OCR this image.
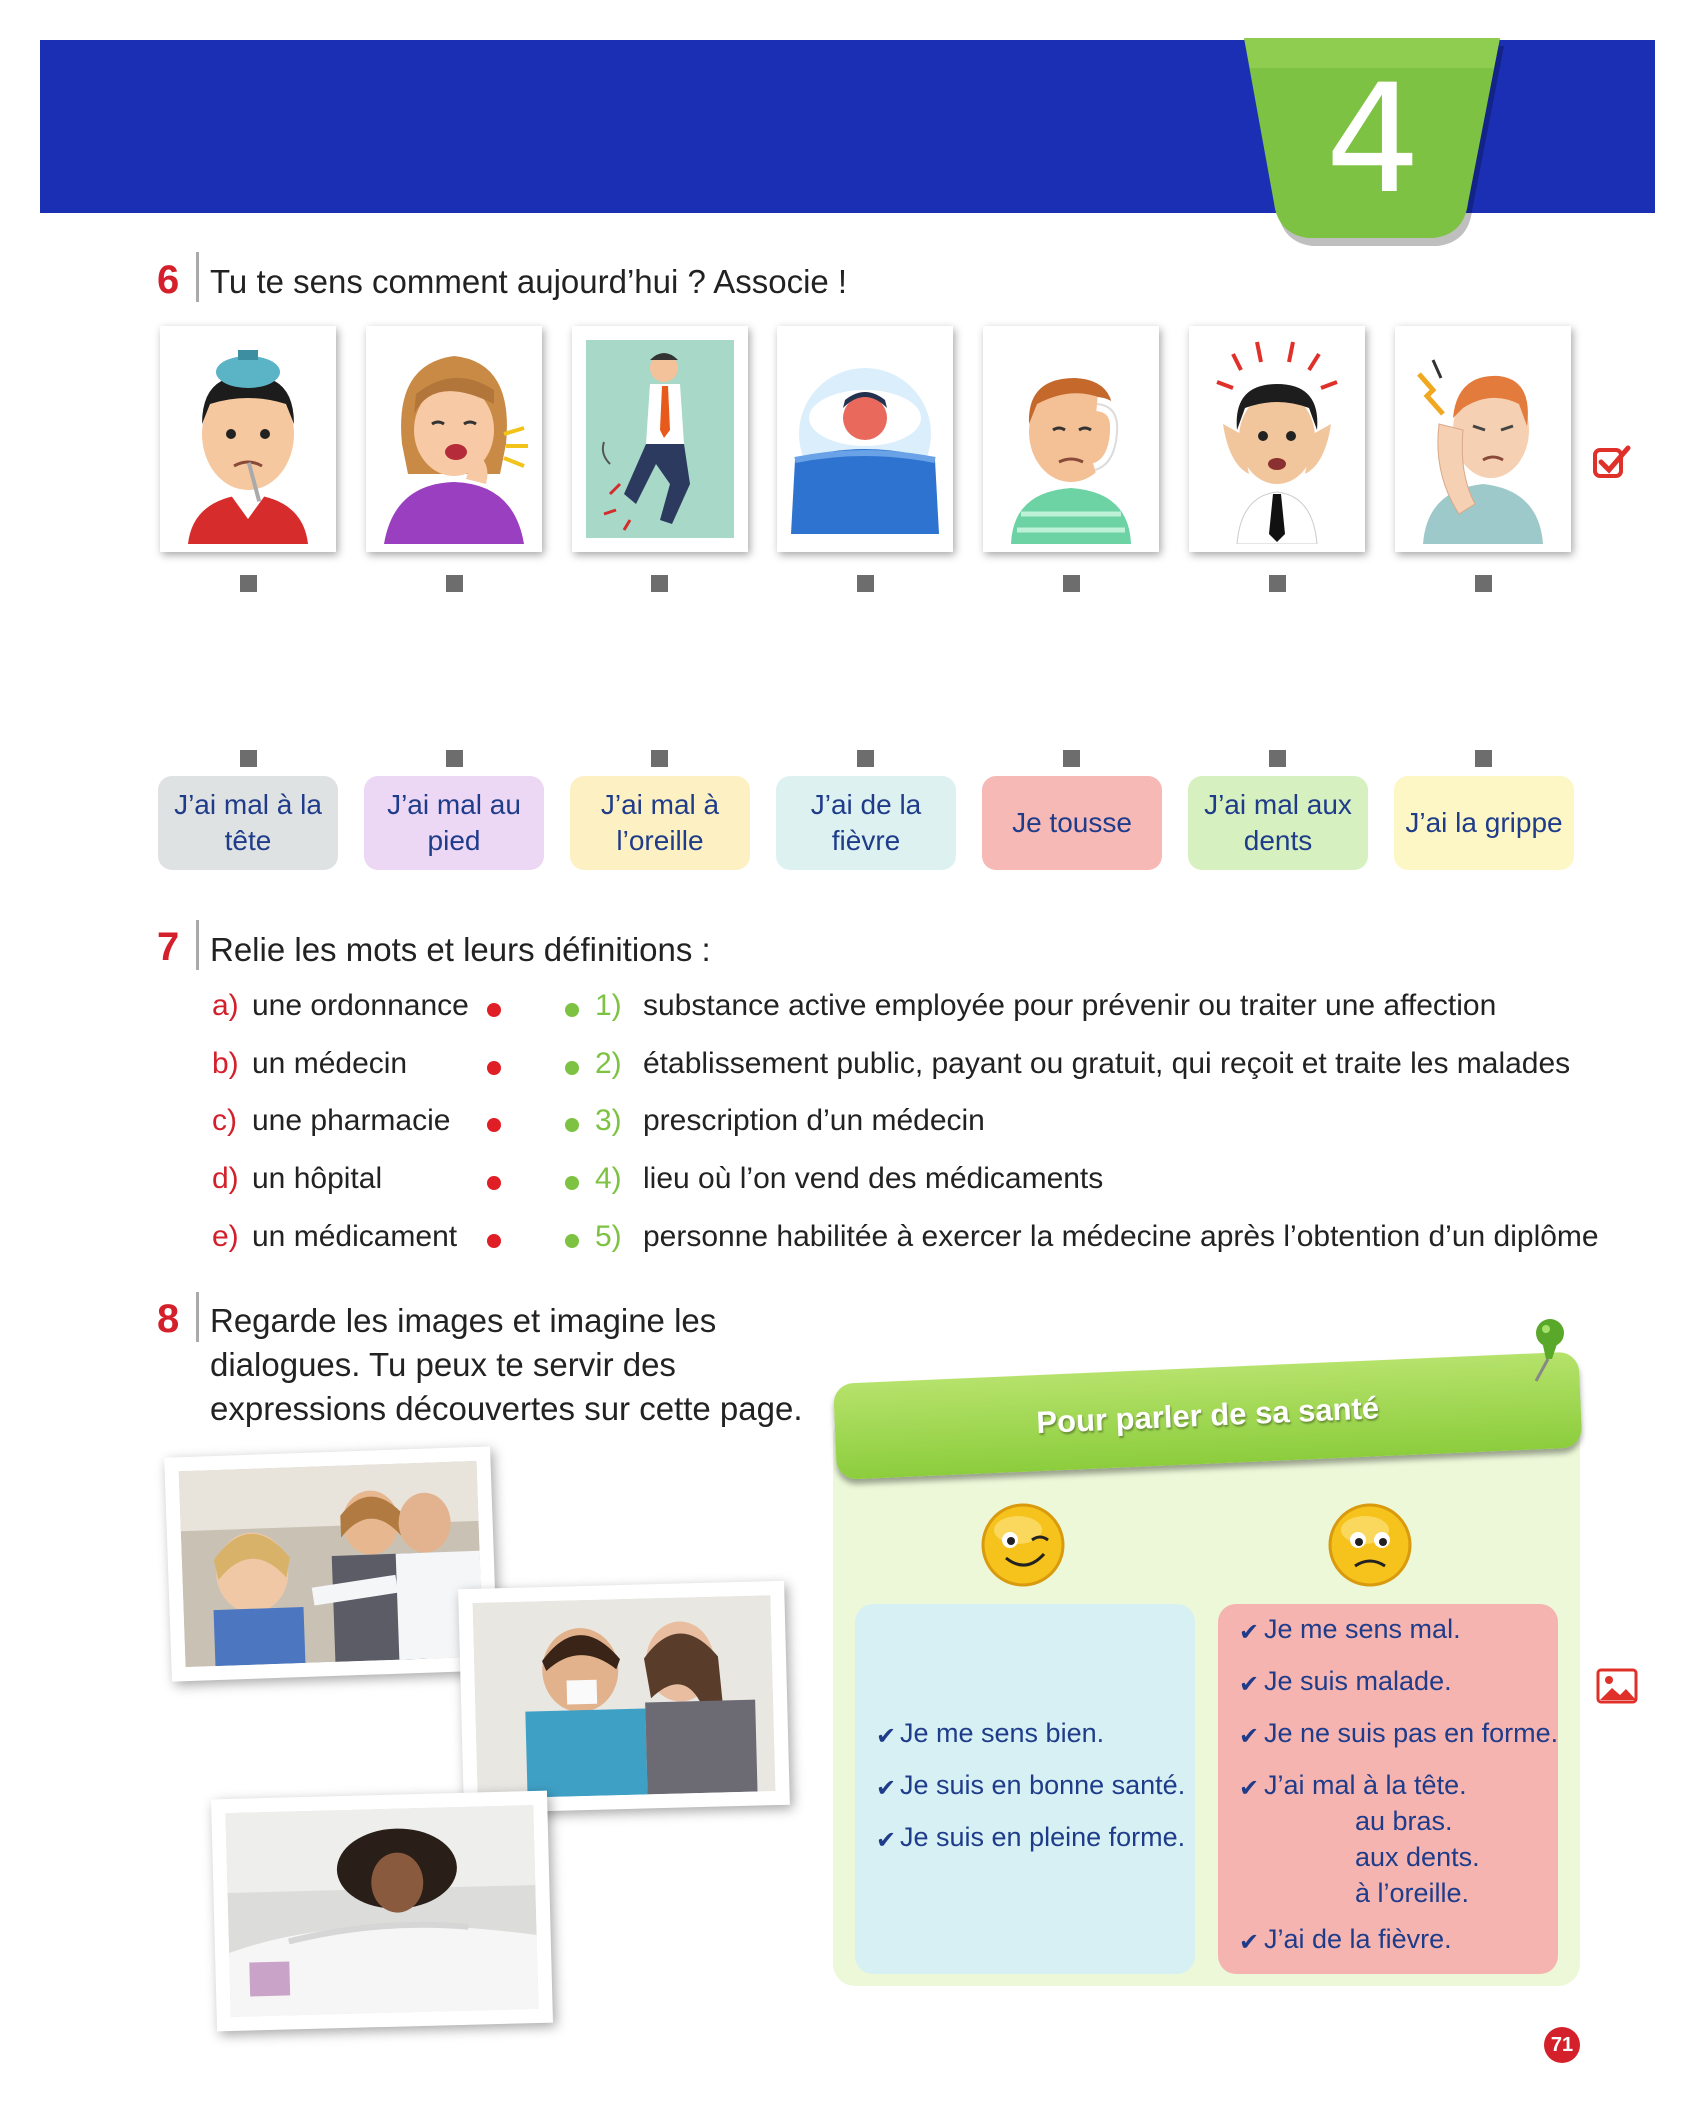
4
6 Tu te sens comment aujourd’hui ? Associe !
J’ai mal à la tête
J’ai mal au pied
J’ai mal à l’oreille
J’ai de la fièvre
Je tousse
J’ai mal aux dents
J’ai la grippe
7 Relie les mots et leurs définitions :
a) une ordonnance
b) un médecin
c) une pharmacie
d) un hôpital
e) un médicament
1) substance active employée pour prévenir ou traiter une affection
2) établissement public, payant ou gratuit, qui reçoit et traite les malades
3) prescription d’un médecin
4) lieu où l’on vend des médicaments
5) personne habilitée à exercer la médecine après l’obtention d’un diplôme
8 Regarde les images et imagine les
dialogues. Tu peux te servir des
expressions découvertes sur cette page.	Pour parler de sa santé
✔ Je me sens bien.
✔ Je suis en bonne santé.
✔ Je suis en pleine forme.
✔ Je me sens mal.
✔ Je suis malade.
✔ Je ne suis pas en forme.
✔ J’ai mal à la tête.
au bras.
aux dents.
à l’oreille.
✔ J’ai de la fièvre.
71
